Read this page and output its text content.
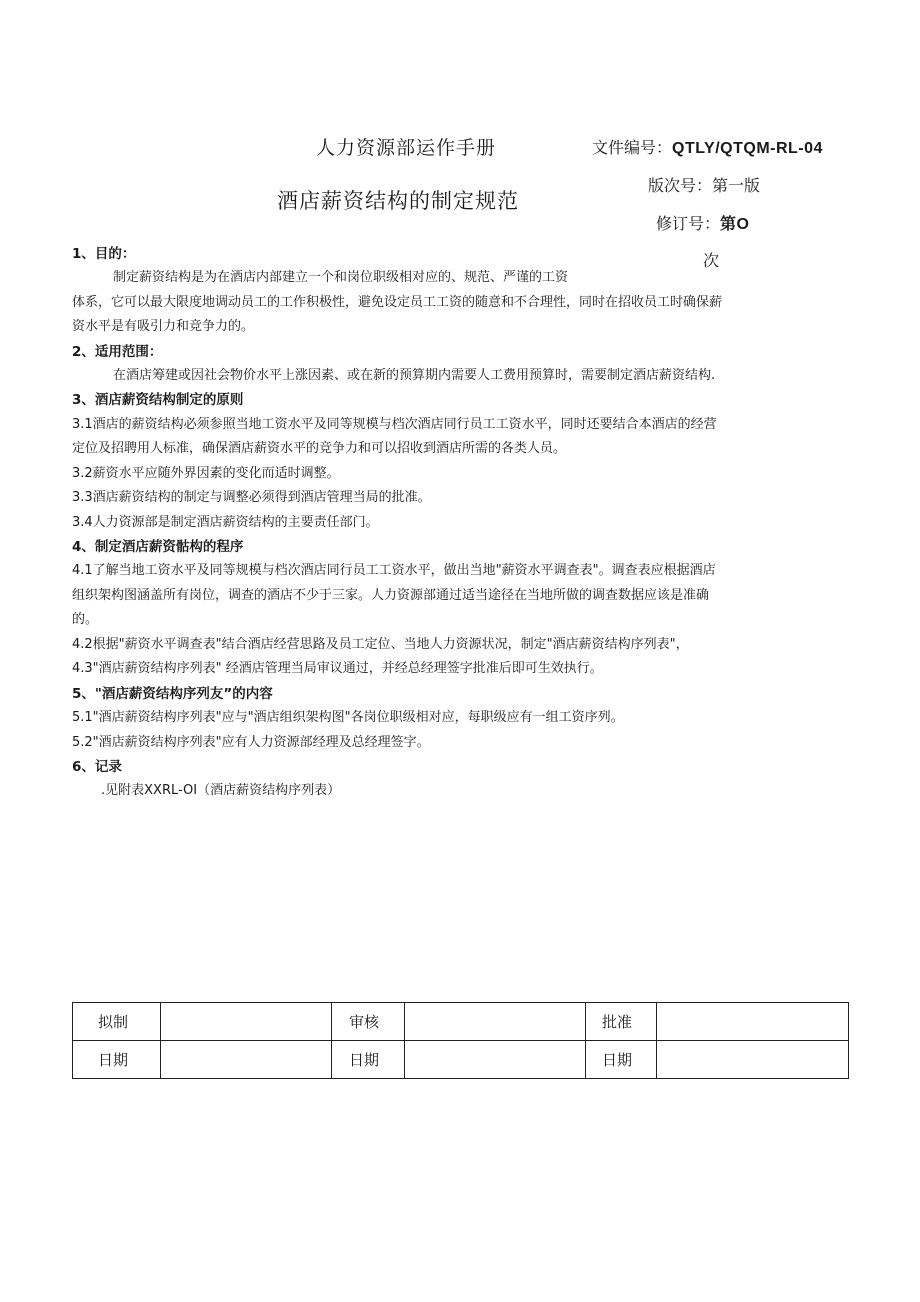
人力资源部运作手册
酒店薪资结构的制定规范
文件编号：QTLY/QTQM-RL-04
版次号：第一版
修订号：第O
次
1、目的：
制定薪资结构是为在酒店内部建立一个和岗位职级相对应的、规范、严谨的工资
体系，它可以最大限度地调动员工的工作积极性，避免设定员工工资的随意和不合理性，同时在招收员工时确保薪
资水平是有吸引力和竞争力的。
2、适用范围：
在酒店筹建或因社会物价水平上涨因素、或在新的预算期内需要人工费用预算时，需要制定酒店薪资结构.
3、酒店薪资结构制定的原则
3.1酒店的薪资结构必须参照当地工资水平及同等规模与档次酒店同行员工工资水平，同时还要结合本酒店的经营
定位及招聘用人标准，确保酒店薪资水平的竞争力和可以招收到酒店所需的各类人员。
3.2薪资水平应随外界因素的变化而适时调整。
3.3酒店薪资结构的制定与调整必须得到酒店管理当局的批准。
3.4人力资源部是制定酒店薪资结构的主要责任部门。
4、制定酒店薪资骷构的程序
4.1了解当地工资水平及同等规模与档次酒店同行员工工资水平，做出当地"薪资水平调查表"。调查表应根据酒店
组织架构图涵盖所有岗位，调查的酒店不少于三家。人力资源部通过适当途径在当地所做的调查数据应该是准确
的。
4.2根据"薪资水平调查表"结合酒店经营思路及员工定位、当地人力资源状况，制定"酒店薪资结构序列表"，
4.3"酒店薪资结构序列表" 经酒店管理当局审议通过，并经总经理签字批准后即可生效执行。
5、"酒店薪资结构序列友”的内容
5.1"酒店薪资结构序列表"应与"酒店组织架构图"各岗位职级相对应，每职级应有一组工资序列。
5.2"酒店薪资结构序列表"应有人力资源部经理及总经理签字。
6、记录
.见附表XXRL-OI（酒店薪资结构序列表）
拟制		审核		批准	
日期		日期		日期	
